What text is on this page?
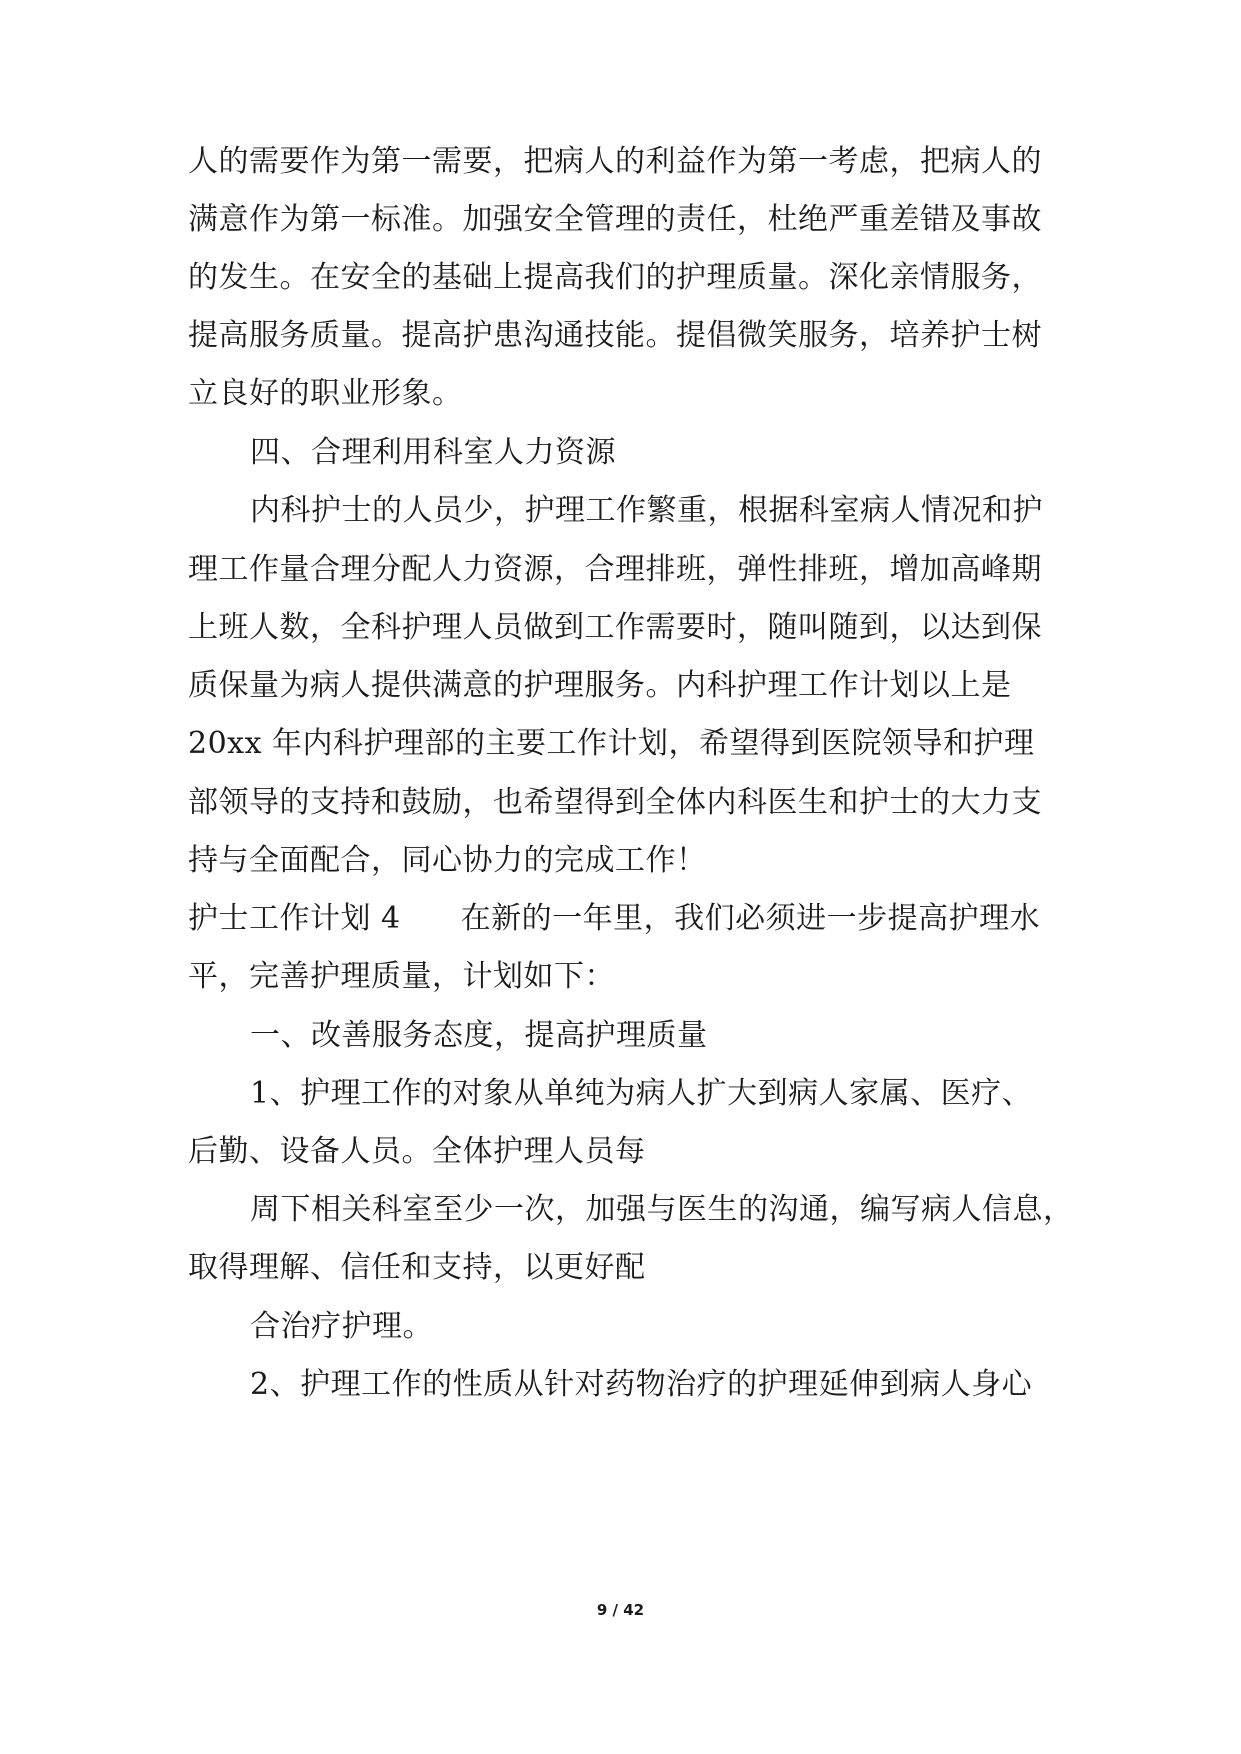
人的需要作为第一需要，把病人的利益作为第一考虑，把病人的
满意作为第一标准。加强安全管理的责任，杜绝严重差错及事故
的发生。在安全的基础上提高我们的护理质量。深化亲情服务，
提高服务质量。提高护患沟通技能。提倡微笑服务，培养护士树
立良好的职业形象。
四、合理利用科室人力资源
内科护士的人员少，护理工作繁重，根据科室病人情况和护
理工作量合理分配人力资源，合理排班，弹性排班，增加高峰期
上班人数，全科护理人员做到工作需要时，随叫随到，以达到保
质保量为病人提供满意的护理服务。内科护理工作计划以上是
20xx 年内科护理部的主要工作计划，希望得到医院领导和护理
部领导的支持和鼓励，也希望得到全体内科医生和护士的大力支
持与全面配合，同心协力的完成工作！
护士工作计划 4 在新的一年里，我们必须进一步提高护理水
平，完善护理质量，计划如下：
一、改善服务态度，提高护理质量
1、护理工作的对象从单纯为病人扩大到病人家属、医疗、
后勤、设备人员。全体护理人员每
周下相关科室至少一次，加强与医生的沟通，编写病人信息，
取得理解、信任和支持，以更好配
合治疗护理。
2、护理工作的性质从针对药物治疗的护理延伸到病人身心
9 / 42
